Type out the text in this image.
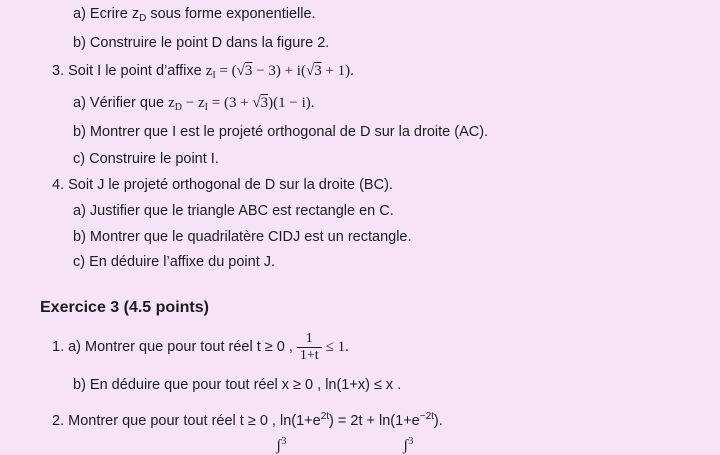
a) Ecrire $z_D$ sous forme exponentielle.
b) Construire le point D dans la figure 2.
3. Soit I le point d’affixe $z_I = (√3 - 3) + i(√3 + 1)$.
a) Vérifier que $z_D - z_I = (3 + √3)(1 - i)$.
b) Montrer que I est le projeté orthogonal de D sur la droite (AC).
c) Construire le point I.
4. Soit J le projeté orthogonal de D sur la droite (BC).
a) Justifier que le triangle ABC est rectangle en C.
b) Montrer que le quadrilatère CIDJ est un rectangle.
c) En déduire l’affixe du point J.
Exercice 3 (4.5 points)
1. a) Montrer que pour tout réel t ≥ 0 , $\frac{1}{1+t} \le 1$.
b) En déduire que pour tout réel x ≥ 0 , ln(1+x) ≤ x .
2. Montrer que pour tout réel t ≥ 0 , $\ln(1+e^{2t}) = 2t + \ln(1+e^{-2t})$.
ʃ$^3$	ʃ$^3$
